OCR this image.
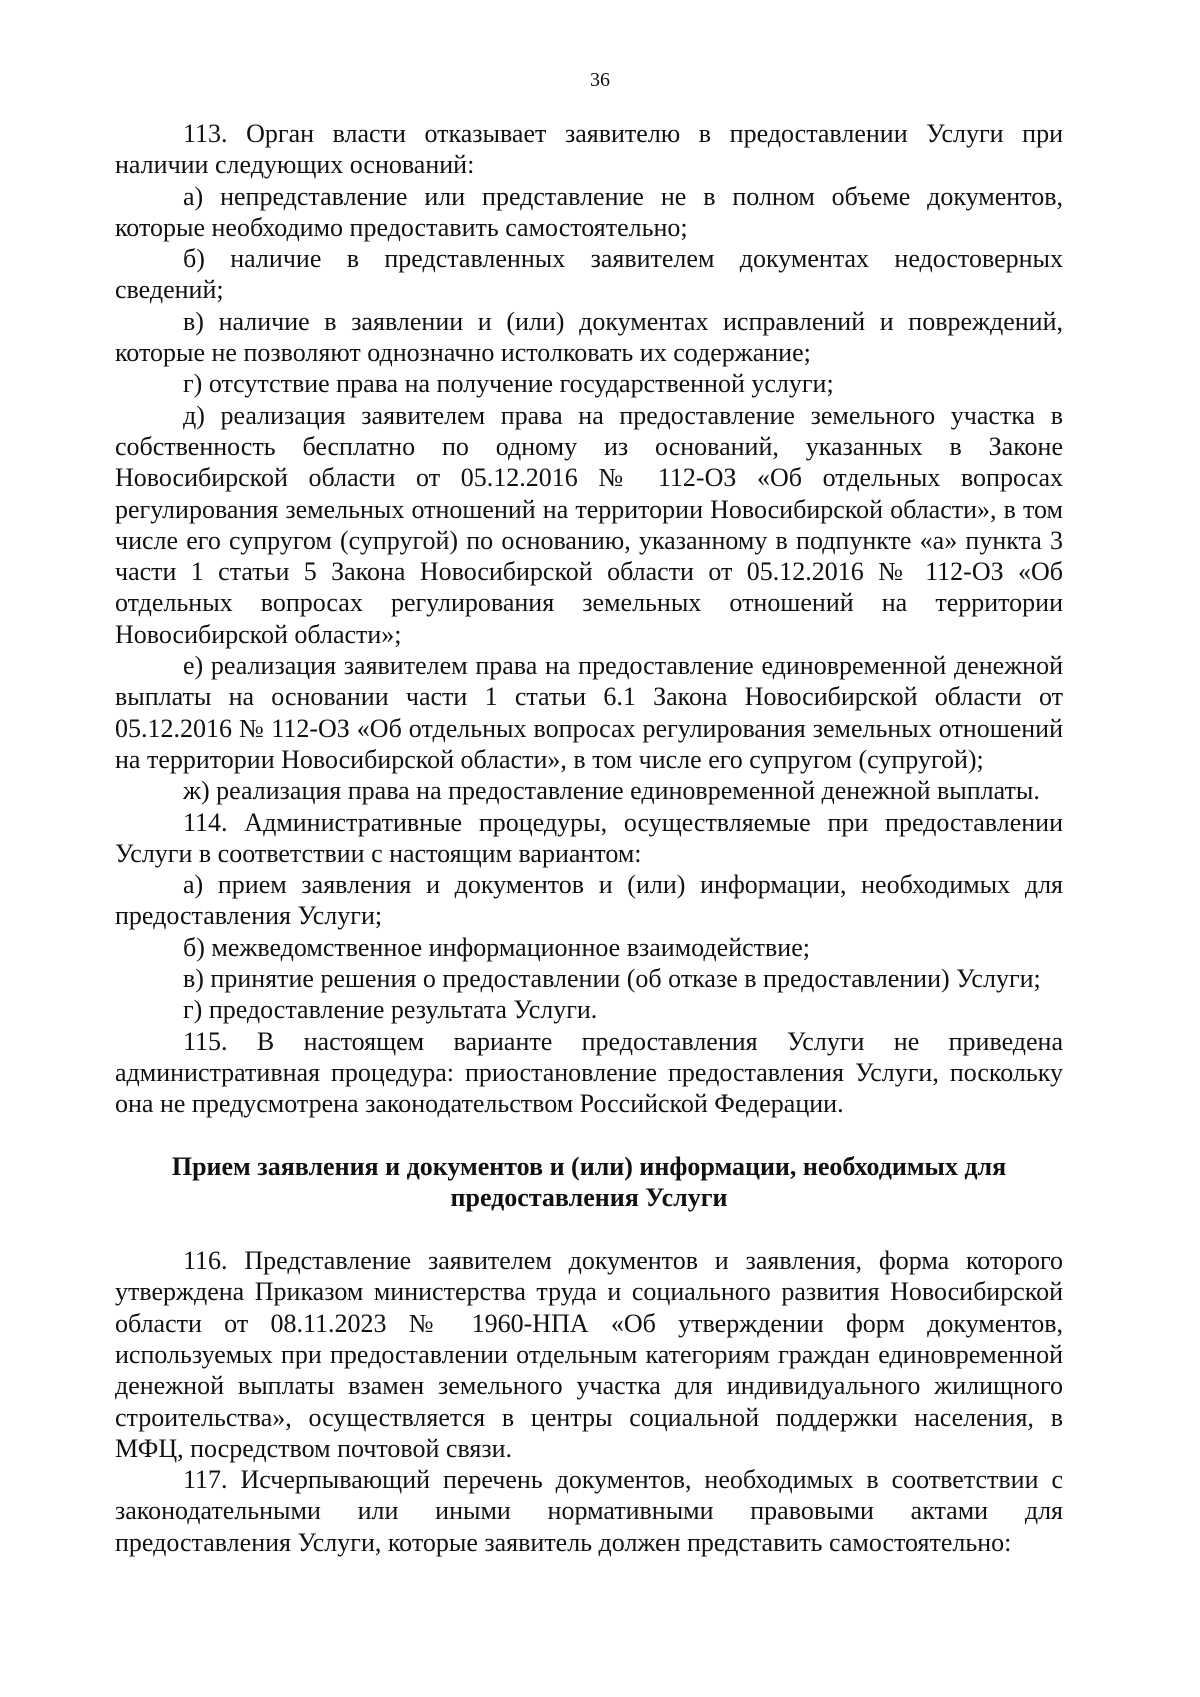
36

113. Орган власти отказывает заявителю в предоставлении Услуги при наличии следующих оснований:

а) непредставление или представление не в полном объеме документов, которые необходимо предоставить самостоятельно;

б) наличие в представленных заявителем документах недостоверных сведений;

в) наличие в заявлении и (или) документах исправлений и повреждений, которые не позволяют однозначно истолковать их содержание;

г) отсутствие права на получение государственной услуги;

д) реализация заявителем права на предоставление земельного участка в собственность бесплатно по одному из оснований, указанных в Законе Новосибирской области от 05.12.2016 № 112-ОЗ «Об отдельных вопросах регулирования земельных отношений на территории Новосибирской области», в том числе его супругом (супругой) по основанию, указанному в подпункте «а» пункта 3 части 1 статьи 5 Закона Новосибирской области от 05.12.2016 № 112-ОЗ «Об отдельных вопросах регулирования земельных отношений на территории Новосибирской области»;

е) реализация заявителем права на предоставление единовременной денежной выплаты на основании части 1 статьи 6.1 Закона Новосибирской области от 05.12.2016 № 112-ОЗ «Об отдельных вопросах регулирования земельных отношений на территории Новосибирской области», в том числе его супругом (супругой);

ж) реализация права на предоставление единовременной денежной выплаты.

114. Административные процедуры, осуществляемые при предоставлении Услуги в соответствии с настоящим вариантом:

а) прием заявления и документов и (или) информации, необходимых для предоставления Услуги;

б) межведомственное информационное взаимодействие;

в) принятие решения о предоставлении (об отказе в предоставлении) Услуги;

г) предоставление результата Услуги.

115. В настоящем варианте предоставления Услуги не приведена административная процедура: приостановление предоставления Услуги, поскольку она не предусмотрена законодательством Российской Федерации.

Прием заявления и документов и (или) информации, необходимых для предоставления Услуги

116. Представление заявителем документов и заявления, форма которого утверждена Приказом министерства труда и социального развития Новосибирской области от 08.11.2023 № 1960-НПА «Об утверждении форм документов, используемых при предоставлении отдельным категориям граждан единовременной денежной выплаты взамен земельного участка для индивидуального жилищного строительства», осуществляется в центры социальной поддержки населения, в МФЦ, посредством почтовой связи.

117. Исчерпывающий перечень документов, необходимых в соответствии с законодательными или иными нормативными правовыми актами для предоставления Услуги, которые заявитель должен представить самостоятельно:
